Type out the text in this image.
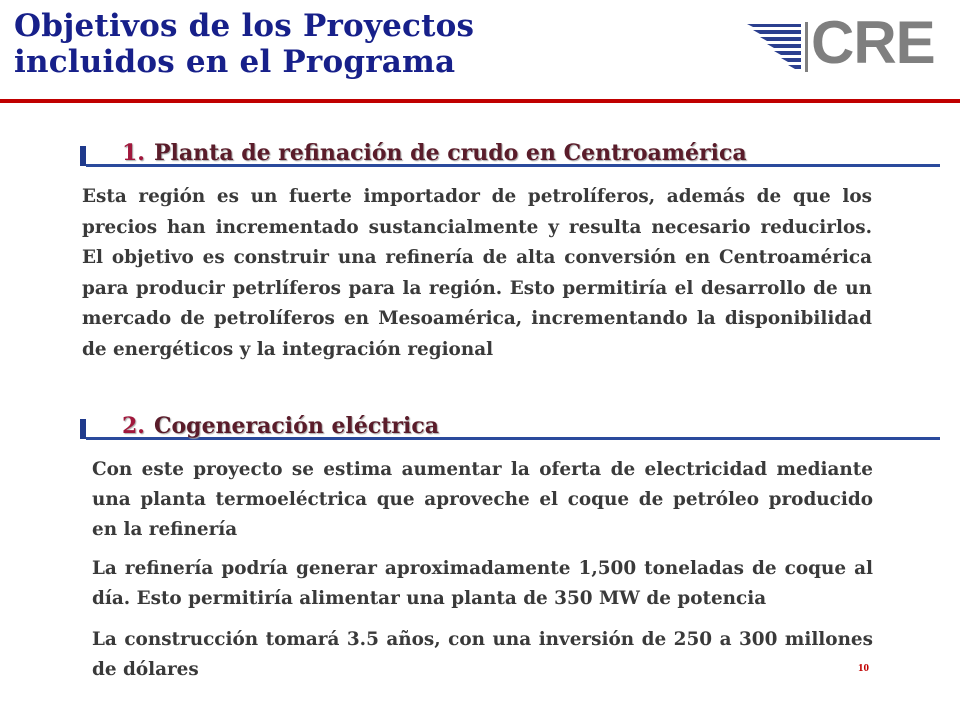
Objetivos de los Proyectos
incluidos en el Programa	CRE
1. Planta de refinación de crudo en Centroamérica
Esta región es un fuerte importador de petrolíferos, además de que los precios han incrementado sustancialmente y resulta necesario reducirlos. El objetivo es construir una refinería de alta conversión en Centroamérica para producir petrlíferos para la región. Esto permitiría el desarrollo de un mercado de petrolíferos en Mesoamérica, incrementando la disponibilidad de energéticos y la integración regional
2. Cogeneración eléctrica
Con este proyecto se estima aumentar la oferta de electricidad mediante una planta termoeléctrica que aproveche el coque de petróleo producido en la refinería
La refinería podría generar aproximadamente 1,500 toneladas de coque al día. Esto permitiría alimentar una planta de 350 MW de potencia
La construcción tomará 3.5 años, con una inversión de 250 a 300 millones de dólares	10
